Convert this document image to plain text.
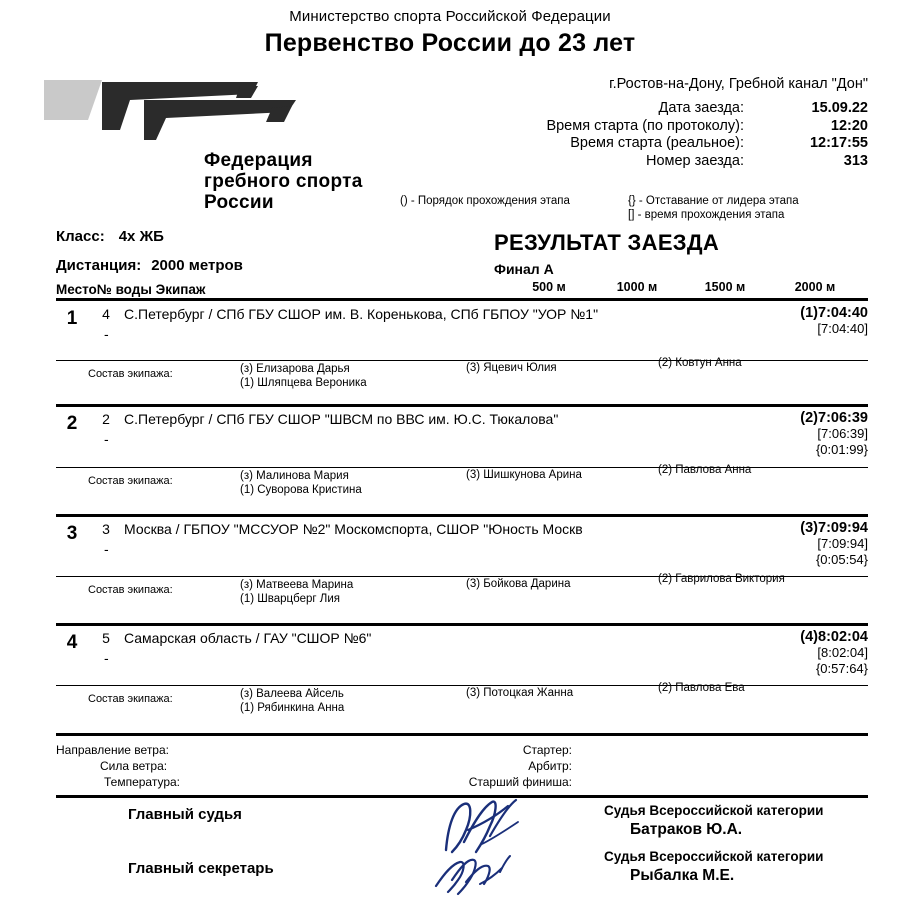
Министерство спорта Российской Федерации
Первенство России до 23 лет
Федерация
гребного спорта
России
г.Ростов-на-Дону, Гребной канал "Дон"
Дата заезда:	15.09.22
Время старта (по протоколу):	12:20
Время старта (реальное):	12:17:55
Номер заезда:	313
() - Порядок прохождения этапа	{} - Отставание от лидера этапа
[] - время прохождения этапа
Класс: 4х ЖБ
Дистанция: 2000 метров
РЕЗУЛЬТАТ ЗАЕЗДА
Финал А
Место№ воды Экипаж	500 м	1000 м	1500 м	2000 м
1	4 С.Петербург / СПб ГБУ СШОР им. В. Коренькова, СПб ГБПОУ "УОР №1"
-
(1)7:04:40
[7:04:40]
Состав экипажа:	(з) Елизарова Дарья
(1) Шляпцева Вероника
(3) Яцевич Юлия	(2) Ковтун Анна
2	2 С.Петербург / СПб ГБУ СШОР "ШВСМ по ВВС им. Ю.С. Тюкалова"
-
(2)7:06:39
[7:06:39]
{0:01:99}
Состав экипажа:	(з) Малинова Мария
(1) Суворова Кристина
(3) Шишкунова Арина	(2) Павлова Анна
3	3 Москва / ГБПОУ "МССУОР №2" Москомспорта, СШОР "Юность Москв
-
(3)7:09:94
[7:09:94]
{0:05:54}
Состав экипажа:	(з) Матвеева Марина
(1) Шварцберг Лия
(3) Бойкова Дарина	(2) Гаврилова Виктория
4	5 Самарская область / ГАУ "СШОР №6"
-
(4)8:02:04
[8:02:04]
{0:57:64}
Состав экипажа:	(з) Валеева Айсель
(1) Рябинкина Анна
(3) Потоцкая Жанна	(2) Павлова Ева
Направление ветра:
Сила ветра:
Температура:
Стартер:
Арбитр:
Старший финиша:
Главный судья	Судья Всероссийской категории
Батраков Ю.А.
Главный секретарь
Судья Всероссийской категории
Рыбалка М.Е.
